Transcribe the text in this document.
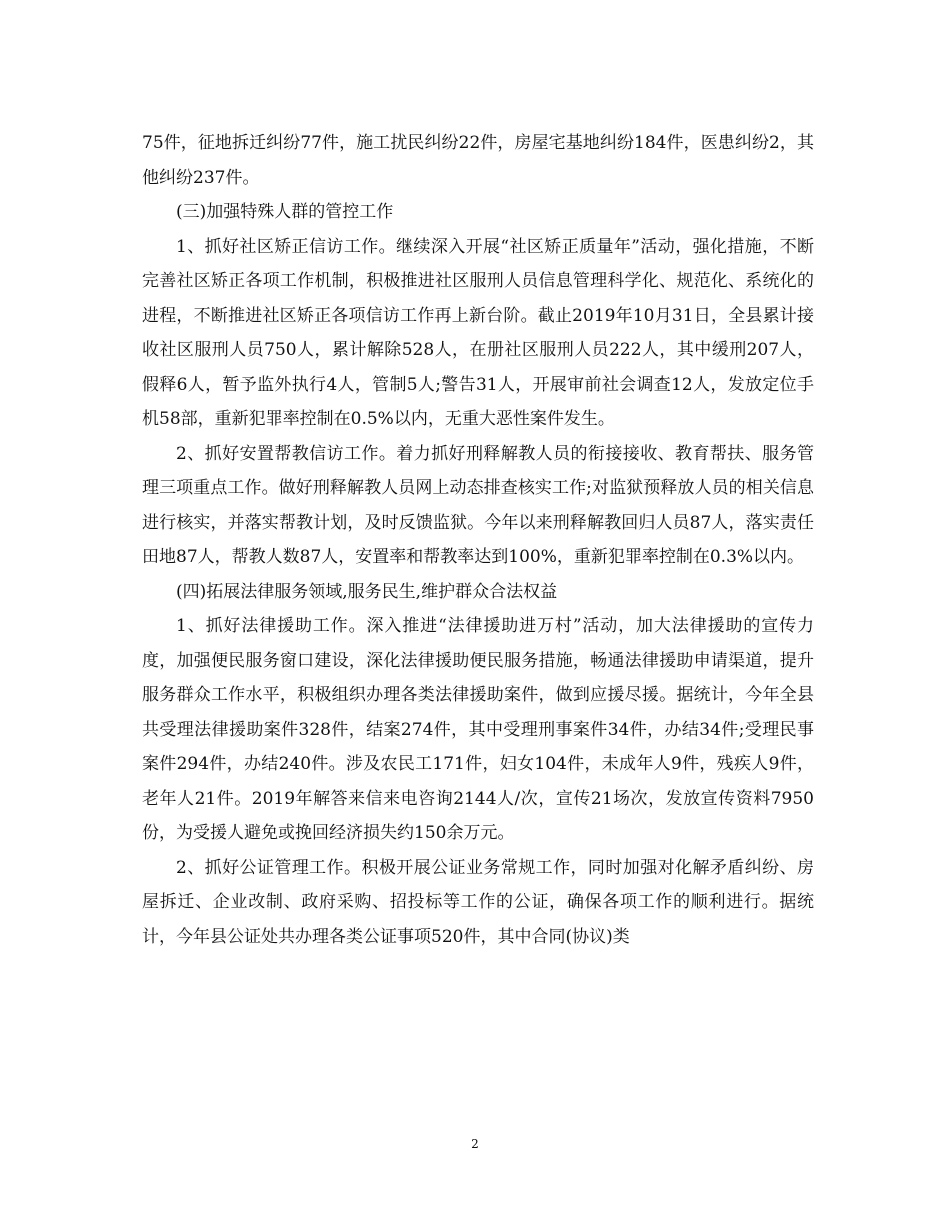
75件，征地拆迁纠纷77件，施工扰民纠纷22件，房屋宅基地纠纷184件，医患纠纷2，其他纠纷237件。

(三)加强特殊人群的管控工作

1、抓好社区矫正信访工作。继续深入开展“社区矫正质量年”活动，强化措施，不断完善社区矫正各项工作机制，积极推进社区服刑人员信息管理科学化、规范化、系统化的进程，不断推进社区矫正各项信访工作再上新台阶。截止2019年10月31日，全县累计接收社区服刑人员750人，累计解除528人，在册社区服刑人员222人，其中缓刑207人，假释6人，暂予监外执行4人，管制5人;警告31人，开展审前社会调查12人，发放定位手机58部，重新犯罪率控制在0.5%以内，无重大恶性案件发生。

2、抓好安置帮教信访工作。着力抓好刑释解教人员的衔接接收、教育帮扶、服务管理三项重点工作。做好刑释解教人员网上动态排查核实工作;对监狱预释放人员的相关信息进行核实，并落实帮教计划，及时反馈监狱。今年以来刑释解教回归人员87人，落实责任田地87人，帮教人数87人，安置率和帮教率达到100%，重新犯罪率控制在0.3%以内。

(四)拓展法律服务领域,服务民生,维护群众合法权益

1、抓好法律援助工作。深入推进“法律援助进万村”活动，加大法律援助的宣传力度，加强便民服务窗口建设，深化法律援助便民服务措施，畅通法律援助申请渠道，提升服务群众工作水平，积极组织办理各类法律援助案件，做到应援尽援。据统计，今年全县共受理法律援助案件328件，结案274件，其中受理刑事案件34件，办结34件;受理民事案件294件，办结240件。涉及农民工171件，妇女104件，未成年人9件，残疾人9件，老年人21件。2019年解答来信来电咨询2144人/次，宣传21场次，发放宣传资料7950份，为受援人避免或挽回经济损失约150余万元。

2、抓好公证管理工作。积极开展公证业务常规工作，同时加强对化解矛盾纠纷、房屋拆迁、企业改制、政府采购、招投标等工作的公证，确保各项工作的顺利进行。据统计，今年县公证处共办理各类公证事项520件，其中合同(协议)类

2
